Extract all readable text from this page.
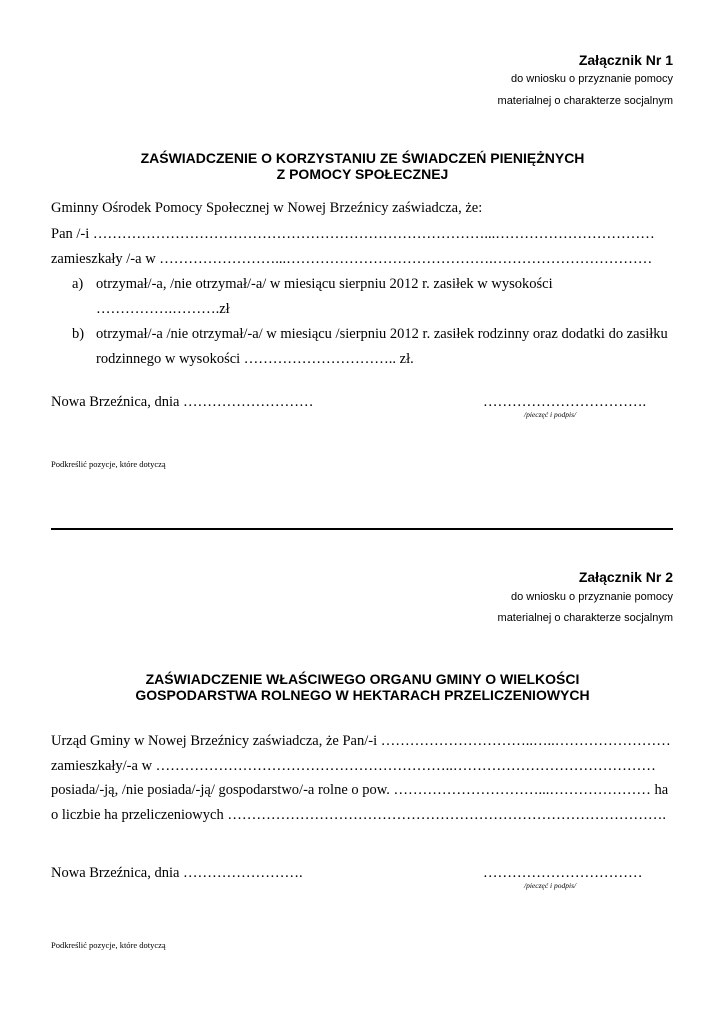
Załącznik Nr 1
do wniosku o przyznanie pomocy
materialnej o charakterze socjalnym
ZAŚWIADCZENIE O KORZYSTANIU ZE ŚWIADCZEŃ PIENIĘŻNYCH
Z POMOCY SPOŁECZNEJ
Gminny Ośrodek Pomocy Społecznej w Nowej Brzeźnicy zaświadcza, że:
Pan /-i ………………………………………………………………………...……………………………
zamieszkały /-a w ……………………...…………………………………….……………………………
a) otrzymał/-a, /nie otrzymał/-a/ w miesiącu sierpniu 2012 r. zasiłek w wysokości
…………….……….zł
b) otrzymał/-a /nie otrzymał/-a/ w miesiącu /sierpniu 2012 r. zasiłek rodzinny oraz dodatki do zasiłku
rodzinnego w wysokości ………………………….. zł.
Nowa Brzeźnica, dnia ………………………	…………………………….
/pieczęć i podpis/
Podkreślić pozycje, które dotyczą
Załącznik Nr 2
do wniosku o przyznanie pomocy
materialnej o charakterze socjalnym
ZAŚWIADCZENIE WŁAŚCIWEGO ORGANU GMINY O WIELKOŚCI
GOSPODARSTWA ROLNEGO W HEKTARACH PRZELICZENIOWYCH
Urząd Gminy w Nowej Brzeźnicy zaświadcza, że Pan/-i …………………………..…..……………………
zamieszkały/-a w ……………………………………………………..……………………………………
posiada/-ją, /nie posiada/-ją/ gospodarstwo/-a rolne o pow. …………………………...………………… ha
o liczbie ha przeliczeniowych ……………………………………………………………………………….
Nowa Brzeźnica, dnia …………………….	……………………………
/pieczęć i podpis/
Podkreślić pozycje, które dotyczą
